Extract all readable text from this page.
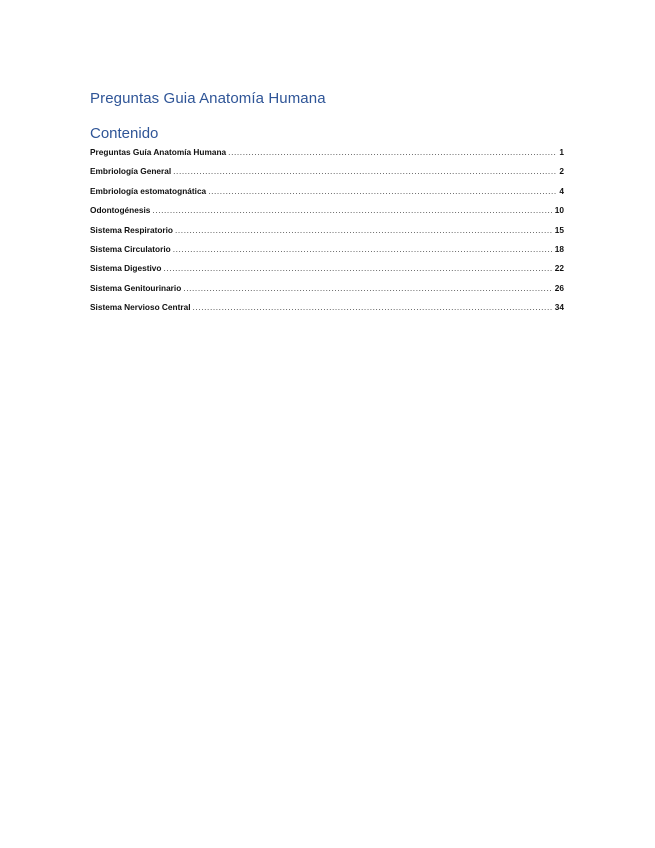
Preguntas Guia Anatomía Humana
Contenido
Preguntas Guía Anatomía Humana .....	1
Embriología General .....	2
Embriología estomatognática .....	4
Odontogénesis .....	10
Sistema Respiratorio .....	15
Sistema Circulatorio .....	18
Sistema Digestivo .....	22
Sistema Genitourinario .....	26
Sistema Nervioso Central .....	34
